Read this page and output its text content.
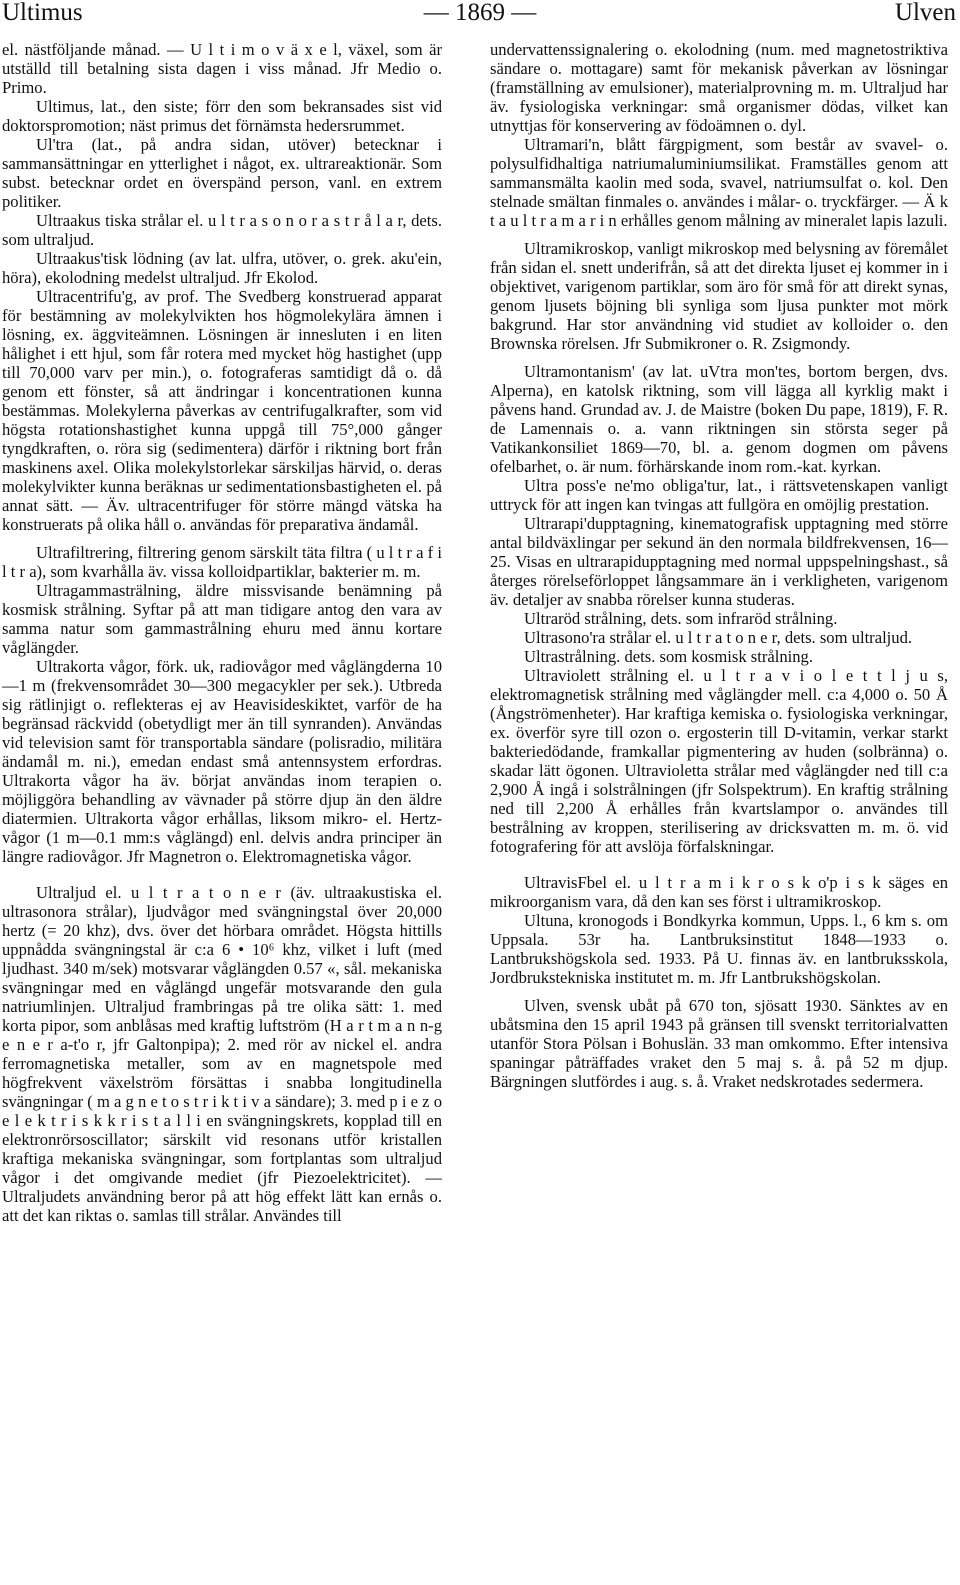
Ultimus	— 1869 —	Ulven

el. nästföljande månad. — U l t i m o v ä x e l, växel, som är utställd till betalning sista dagen i viss månad. Jfr Medio o. Primo.

Ultimus, lat., den siste; förr den som bekransades sist vid doktorspromotion; näst primus det förnämsta hedersrummet.

Ul'tra (lat., på andra sidan, utöver) betecknar i sammansättningar en ytterlighet i något, ex. ultrareaktionär. Som subst. betecknar ordet en överspänd person, vanl. en extrem politiker.

Ultraakus tiska strålar el. u l t r a s o n o r a s t r å l a r, dets. som ultraljud.

Ultraakus'tisk lödning (av lat. ulfra, utöver, o. grek. aku'ein, höra), ekolodning medelst ultraljud. Jfr Ekolod.

Ultracentrifu'g, av prof. The Svedberg konstruerad apparat för bestämning av molekylvikten hos högmolekylära ämnen i lösning, ex. äggviteämnen. Lösningen är innesluten i en liten hålighet i ett hjul, som får rotera med mycket hög hastighet (upp till 70,000 varv per min.), o. fotograferas samtidigt då o. då genom ett fönster, så att ändringar i koncentrationen kunna bestämmas. Molekylerna påverkas av centrifugalkrafter, som vid högsta rotationshastighet kunna uppgå till 75°,000 gånger tyngdkraften, o. röra sig (sedimentera) därför i riktning bort från maskinens axel. Olika molekylstorlekar särskiljas härvid, o. deras molekylvikter kunna beräknas ur sedimentationsbastigheten el. på annat sätt. — Äv. ultracentrifuger för större mängd vätska ha konstruerats på olika håll o. användas för preparativa ändamål.

Ultrafiltrering, filtrering genom särskilt täta filtra ( u l t r a f i l t r a), som kvarhålla äv. vissa kolloidpartiklar, bakterier m. m.

Ultragammasträlning, äldre missvisande benämning på kosmisk strålning. Syftar på att man tidigare antog den vara av samma natur som gammastrålning ehuru med ännu kortare våglängder.

Ultrakorta vågor, förk. uk, radiovågor med våglängderna 10—1 m (frekvensområdet 30—300 megacykler per sek.). Utbreda sig rätlinjigt o. reflekteras ej av Heavisideskiktet, varför de ha begränsad räckvidd (obetydligt mer än till synranden). Användas vid television samt för transportabla sändare (polisradio, militära ändamål m. ni.), emedan endast små antennsystem erfordras. Ultrakorta vågor ha äv. börjat användas inom terapien o. möjliggöra behandling av vävnader på större djup än den äldre diatermien. Ultrakorta vågor erhållas, liksom mikro- el. Hertz-vågor (1 m—0.1 mm:s våglängd) enl. delvis andra principer än längre radiovågor. Jfr Magnetron o. Elektromagnetiska vågor.

Ultraljud el. u l t r a t o n e r (äv. ultraakustiska el. ultrasonora strålar), ljudvågor med svängningstal över 20,000 hertz (= 20 khz), dvs. över det hörbara området. Högsta hittills uppnådda svängningstal är c:a 6 • 10⁶ khz, vilket i luft (med ljudhast. 340 m/sek) motsvarar våglängden 0.57 «, sål. mekaniska svängningar med en våglängd ungefär motsvarande den gula natriumlinjen. Ultraljud frambringas på tre olika sätt: 1. med korta pipor, som anblåsas med kraftig luftström (H a r t m a n n-g e n e r a-t'o r, jfr Galtonpipa); 2. med rör av nickel el. andra ferromagnetiska metaller, som av en magnetspole med högfrekvent växelström försättas i snabba longitudinella svängningar ( m a g n e t o s t r i k t i v a sändare); 3. med p i e z o e l e k t r i s k k r i s t a l l i en svängningskrets, kopplad till en elektronrörsoscillator; särskilt vid resonans utför kristallen kraftiga mekaniska svängningar, som fortplantas som ultraljud vågor i det omgivande mediet (jfr Piezoelektricitet). — Ultraljudets användning beror på att hög effekt lätt kan ernås o. att det kan riktas o. samlas till strålar. Användes till

undervattenssignalering o. ekolodning (num. med magnetostriktiva sändare o. mottagare) samt för mekanisk påverkan av lösningar (framställning av emulsioner), materialprovning m. m. Ultraljud har äv. fysiologiska verkningar: små organismer dödas, vilket kan utnyttjas för konservering av födoämnen o. dyl.

Ultramari'n, blått färgpigment, som består av svavel- o. polysulfidhaltiga natriumaluminiumsilikat. Framställes genom att sammansmälta kaolin med soda, svavel, natriumsulfat o. kol. Den stelnade smältan finmales o. användes i målar- o. tryckfärger. — Ä k t a u l t r a m a r i n erhålles genom målning av mineralet lapis lazuli.

Ultramikroskop, vanligt mikroskop med belysning av föremålet från sidan el. snett underifrån, så att det direkta ljuset ej kommer in i objektivet, varigenom partiklar, som äro för små för att direkt synas, genom ljusets böjning bli synliga som ljusa punkter mot mörk bakgrund. Har stor användning vid studiet av kolloider o. den Brownska rörelsen. Jfr Submikroner o. R. Zsigmondy.

Ultramontanism' (av lat. uVtra mon'tes, bortom bergen, dvs. Alperna), en katolsk riktning, som vill lägga all kyrklig makt i påvens hand. Grundad av. J. de Maistre (boken Du pape, 1819), F. R. de Lamennais o. a. vann riktningen sin största seger på Vatikankonsiliet 1869—70, bl. a. genom dogmen om påvens ofelbarhet, o. är num. förhärskande inom rom.-kat. kyrkan.

Ultra poss'e ne'mo obliga'tur, lat., i rättsvetenskapen vanligt uttryck för att ingen kan tvingas att fullgöra en omöjlig prestation.

Ultrarapi'dupptagning, kinematografisk upptagning med större antal bildväxlingar per sekund än den normala bildfrekvensen, 16—25. Visas en ultrarapidupptagning med normal uppspelningshast., så återges rörelseförloppet långsammare än i verkligheten, varigenom äv. detaljer av snabba rörelser kunna studeras.

Ultraröd strålning, dets. som infraröd strålning.

Ultrasono'ra strålar el. u l t r a t o n e r, dets. som ultraljud.

Ultrastrålning. dets. som kosmisk strålning.

Ultraviolett strålning el. u l t r a v i o l e t t l j u s, elektromagnetisk strålning med våglängder mell. c:a 4,000 o. 50 Å (Ångströmenheter). Har kraftiga kemiska o. fysiologiska verkningar, ex. överför syre till ozon o. ergosterin till D-vitamin, verkar starkt bakteriedödande, framkallar pigmentering av huden (solbränna) o. skadar lätt ögonen. Ultravioletta strålar med våglängder ned till c:a 2,900 Å ingå i solstrålningen (jfr Solspektrum). En kraftig strålning ned till 2,200 Å erhålles från kvartslampor o. användes till bestrålning av kroppen, sterilisering av dricksvatten m. m. ö. vid fotografering för att avslöja förfalskningar.

UltravisFbel el. u l t r a m i k r o s k o'p i s k säges en mikroorganism vara, då den kan ses först i ultramikroskop.

Ultuna, kronogods i Bondkyrka kommun, Upps. l., 6 km s. om Uppsala. 53r ha. Lantbruksinstitut 1848—1933 o. Lantbrukshögskola sed. 1933. På U. finnas äv. en lantbruksskola, Jordbrukstekniska institutet m. m. Jfr Lantbrukshögskolan.

Ulven, svensk ubåt på 670 ton, sjösatt 1930. Sänktes av en ubåtsmina den 15 april 1943 på gränsen till svenskt territorialvatten utanför Stora Pölsan i Bohuslän. 33 man omkommo. Efter intensiva spaningar påträffades vraket den 5 maj s. å. på 52 m djup. Bärgningen slutfördes i aug. s. å. Vraket nedskrotades sedermera.
